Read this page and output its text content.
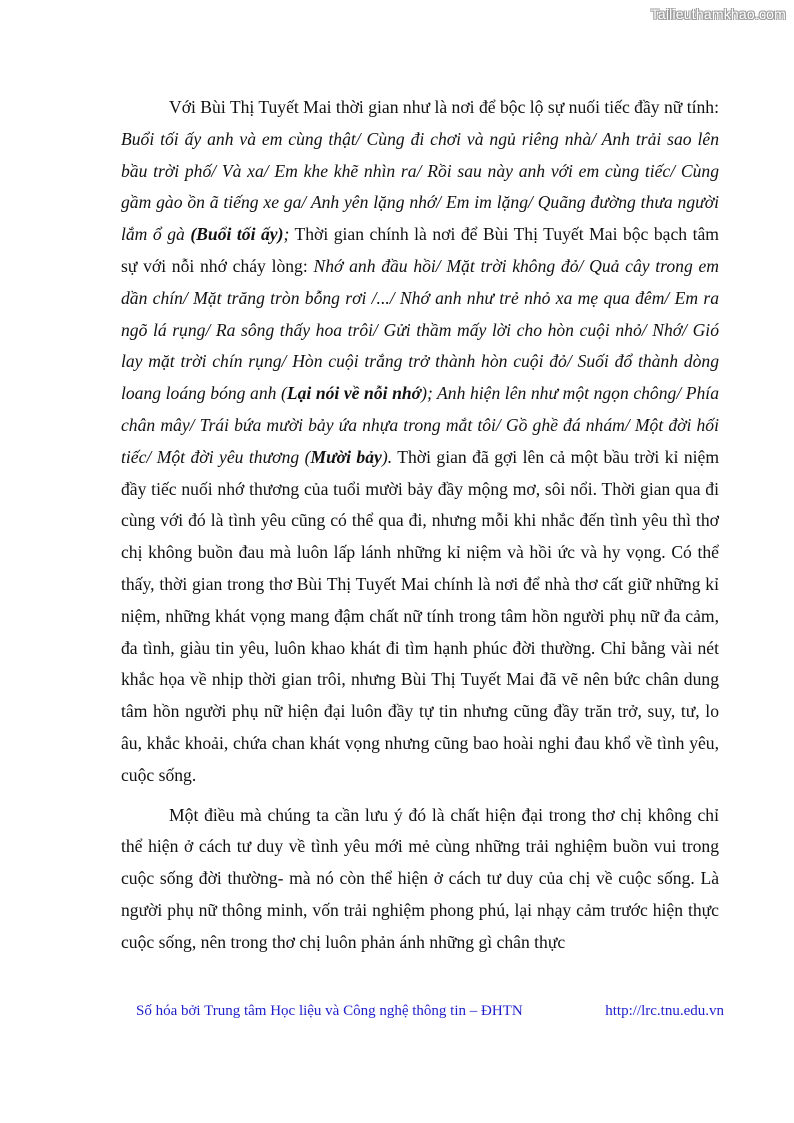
Tailieuthamkhao.com

Với Bùi Thị Tuyết Mai thời gian như là nơi để bộc lộ sự nuối tiếc đầy nữ tính: Buổi tối ấy anh và em cùng thật/ Cùng đi chơi và ngủ riêng nhà/ Anh trải sao lên bầu trời phố/ Và xa/ Em khe khẽ nhìn ra/ Rồi sau này anh với em cùng tiếc/ Cùng gầm gào ồn ã tiếng xe ga/ Anh yên lặng nhớ/ Em im lặng/ Quãng đường thưa người lắm ổ gà (Buổi tối ấy); Thời gian chính là nơi để Bùi Thị Tuyết Mai bộc bạch tâm sự với nỗi nhớ cháy lòng: Nhớ anh đầu hồi/ Mặt trời không đỏ/ Quả cây trong em dần chín/ Mặt trăng tròn bỗng rơi /.../ Nhớ anh như trẻ nhỏ xa mẹ qua đêm/ Em ra ngõ lá rụng/ Ra sông thấy hoa trôi/ Gửi thầm mấy lời cho hòn cuội nhỏ/ Nhớ/ Gió lay mặt trời chín rụng/ Hòn cuội trắng trở thành hòn cuội đỏ/ Suối đổ thành dòng loang loáng bóng anh (Lại nói về nỗi nhớ); Anh hiện lên như một ngọn chông/ Phía chân mây/ Trái bứa mười bảy ứa nhựa trong mắt tôi/ Gồ ghề đá nhám/ Một đời hối tiếc/ Một đời yêu thương (Mười bảy). Thời gian đã gợi lên cả một bầu trời kỉ niệm đầy tiếc nuối nhớ thương của tuổi mười bảy đầy mộng mơ, sôi nổi. Thời gian qua đi cùng với đó là tình yêu cũng có thể qua đi, nhưng mỗi khi nhắc đến tình yêu thì thơ chị không buồn đau mà luôn lấp lánh những kỉ niệm và hồi ức và hy vọng. Có thể thấy, thời gian trong thơ Bùi Thị Tuyết Mai chính là nơi để nhà thơ cất giữ những kỉ niệm, những khát vọng mang đậm chất nữ tính trong tâm hồn người phụ nữ đa cảm, đa tình, giàu tin yêu, luôn khao khát đi tìm hạnh phúc đời thường. Chỉ bằng vài nét khắc họa về nhịp thời gian trôi, nhưng Bùi Thị Tuyết Mai đã vẽ nên bức chân dung tâm hồn người phụ nữ hiện đại luôn đầy tự tin nhưng cũng đầy trăn trở, suy, tư, lo âu, khắc khoải, chứa chan khát vọng nhưng cũng bao hoài nghi đau khổ về tình yêu, cuộc sống.

Một điều mà chúng ta cần lưu ý đó là chất hiện đại trong thơ chị không chỉ thể hiện ở cách tư duy về tình yêu mới mẻ cùng những trải nghiệm buồn vui trong cuộc sống đời thường- mà nó còn thể hiện ở cách tư duy của chị về cuộc sống. Là người phụ nữ thông minh, vốn trải nghiệm phong phú, lại nhạy cảm trước hiện thực cuộc sống, nên trong thơ chị luôn phản ánh những gì chân thực

Số hóa bởi Trung tâm Học liệu và Công nghệ thông tin – ĐHTN	http://lrc.tnu.edu.vn
